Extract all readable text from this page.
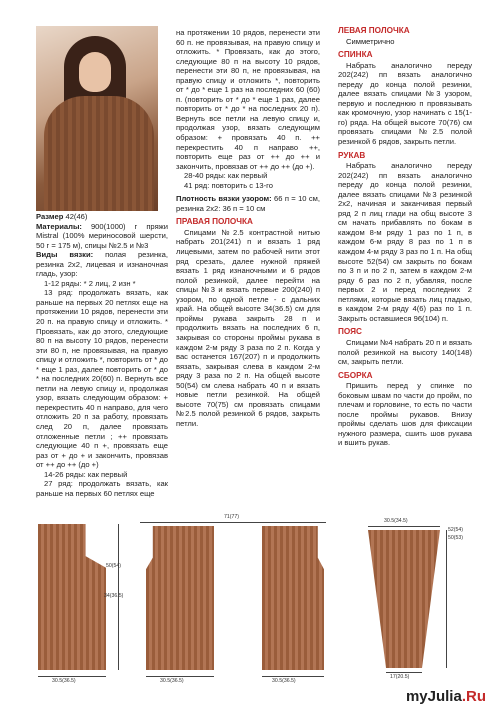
Размер 42(46)

Материалы: 900(1000) г пряжи Mistral (100% мериносовой шерсти, 50 г = 175 м), спицы №2.5 и №3

Виды вязки: полая резинка, резинка 2х2, лицевая и изнаночная гладь, узор:

1-12 ряды: * 2 лиц, 2 изн *

13 ряд: продолжать вязать, как раньше на первых 20 петлях еще на протяжении 10 рядов, перенести эти 20 п. на правую спицу и отложить. * Провязать, как до этого, следующие 80 п на высоту 10 рядов, перенести эти 80 п, не провязывая, на правую спицу и отложить *, повторить от * до * еще 1 раз, далее повторить от * до * на последних 20(60) п. Вернуть все петли на левую спицу и, продолжая узор, вязать следующим образом: + перекрестить 40 п направо, для чего отложить 20 п за работу, провязать след 20 п, далее провязать отложенные петли ; ++ провязать следующие 40 п +, провязать еще раз от + до + и закончить, провязав от ++ до ++ (до +)

14-26 ряды: как первый

27 ряд: продолжать вязать, как раньше на первых 60 петлях еще

на протяжении 10 рядов, перенести эти 60 п. не провязывая, на правую спицу и отложить. * Провязать, как до этого, следующие 80 п на высоту 10 рядов, перенести эти 80 п, не провязывая, на правую спицу и отложить *, повторить от * до * еще 1 раз на последних 60 (60) п. (повторить от * до * еще 1 раз, далее повторить от * до * на последних 20 п). Вернуть все петли на левую спицу и, продолжая узор, вязать следующим образом: + провязать 40 п. ++ перекрестить 40 п направо ++, повторить еще раз от ++ до ++ и закончить, провязав от ++ до ++ (до +).

28-40 ряды: как первый

41 ряд: повторить с 13-го

Плотность вязки узором: 66 п = 10 см, резинка 2х2: 36 п = 10 см

ПРАВАЯ ПОЛОЧКА

Спицами №2.5 контрастной нитью набрать 201(241) п и вязать 1 ряд лицевыми, затем по рабочей нити этот ряд срезать, далее нужной пряжей вязать 1 ряд изнаночными и 6 рядов полой резинкой, далее перейти на спицы №3 и вязать первые 200(240) п узором, по одной петле - с дальних край. На общей высоте 34(36.5) см для проймы рукава закрыть 28 п и продолжить вязать на последних 6 п, закрывая со стороны проймы рукава в каждом 2-м ряду 3 раза по 2 п. Когда у вас останется 167(207) п и продолжить вязать, закрывая слева в каждом 2-м ряду 3 раза по 2 п. На общей высоте 50(54) см слева набрать 40 п и вязать новые петли резинкой. На общей высоте 70(75) см провязать спицами №2.5 полой резинкой 6 рядов, закрыть петли.

ЛЕВАЯ ПОЛОЧКА

Симметрично

СПИНКА

Набрать аналогично переду 202(242) пп вязать аналогично переду до конца полой резинки, далее вязать спицами №3 узором, первую и последнюю п провязывать как кромочную, узор начинать с 15(1-го) ряда. На общей высоте 70(76) см провязать спицами №2.5 полой резинкой 6 рядов, закрыть петли.

РУКАВ

Набрать аналогично переду 202(242) пп вязать аналогично переду до конца полой резинки, далее вязать спицами №3 резинкой 2х2, начиная и заканчивая первый ряд 2 п лиц глади на общ высоте 3 см начать прибавлять по бокам в каждом 8-м ряду 1 раз по 1 п, в каждом 6-м ряду 8 раз по 1 п в каждом 4-м ряду 3 раз по 1 п. На общ высоте 52(54) см закрыть по бокам по 3 п и по 2 п, затем в каждом 2-м ряду 6 раз по 2 п, убавляя, после первых 2 и перед последних 2 петлями, которые вязать лиц гладью, в каждом 2-м ряду 4(6) раз по 1 п. Закрыть оставшиеся 96(104) п.

ПОЯС

Спицами №4 набрать 20 п и вязать полой резинкой на высоту 140(148) см, закрыть петли.

СБОРКА

Пришить перед у спинке по боковым швам по части до пройм, по плечам и горловине, то есть по части после проймы рукавов. Внизу проймы сделать шов для фиксации нужного размера, сшить шов рукава и вшить рукав.

50(54)
34(36.5)
30.5(36.5)
71(77)
30.5(36.5)	30.5(36.5)
30.5(34.5)
52(54)
50(53)
17(20.5)
myJulia.Ru
